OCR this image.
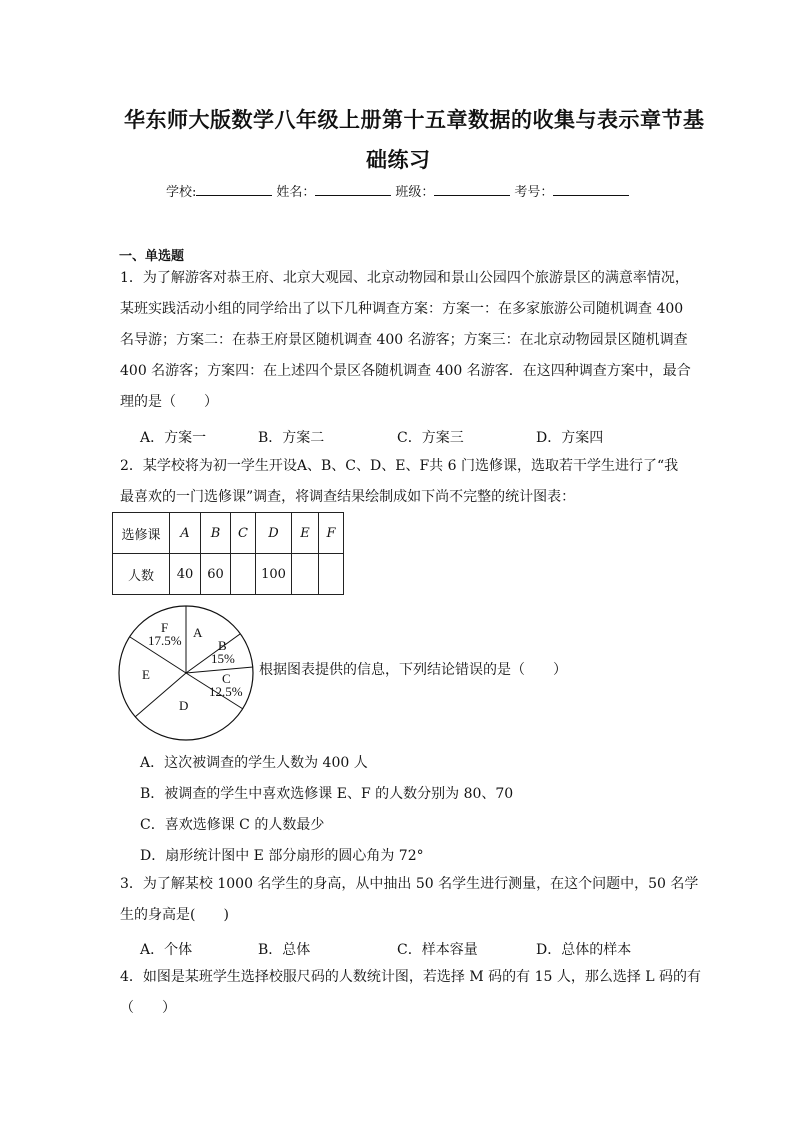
华东师大版数学八年级上册第十五章数据的收集与表示章节基
础练习
学校:	姓名：	班级：	考号：
一、单选题
1．为了解游客对恭王府、北京大观园、北京动物园和景山公园四个旅游景区的满意率情况，
某班实践活动小组的同学给出了以下几种调查方案：方案一：在多家旅游公司随机调查 400
名导游；方案二：在恭王府景区随机调查 400 名游客；方案三：在北京动物园景区随机调查
400 名游客；方案四：在上述四个景区各随机调查 400 名游客．在这四种调查方案中，最合
理的是（　　）
A．方案一	B．方案二	C．方案三	D．方案四
2．某学校将为初一学生开设A、B、C、D、E、F共 6 门选修课，选取若干学生进行了“我
最喜欢的一门选修课”调查，将调查结果绘制成如下尚不完整的统计图表：
选修课	A	B	C	D	E	F
人数	40	60		100		
F
17.5%
A
B
15%
C
12.5%
E
D
根据图表提供的信息，下列结论错误的是（　　）
A．这次被调查的学生人数为 400 人
B．被调查的学生中喜欢选修课 E、F 的人数分别为 80、70
C．喜欢选修课 C 的人数最少
D．扇形统计图中 E 部分扇形的圆心角为 72°
3．为了解某校 1000 名学生的身高，从中抽出 50 名学生进行测量，在这个问题中，50 名学
生的身高是(　　)
A．个体	B．总体	C．样本容量	D．总体的样本
4．如图是某班学生选择校服尺码的人数统计图，若选择 M 码的有 15 人，那么选择 L 码的有
（　　）
